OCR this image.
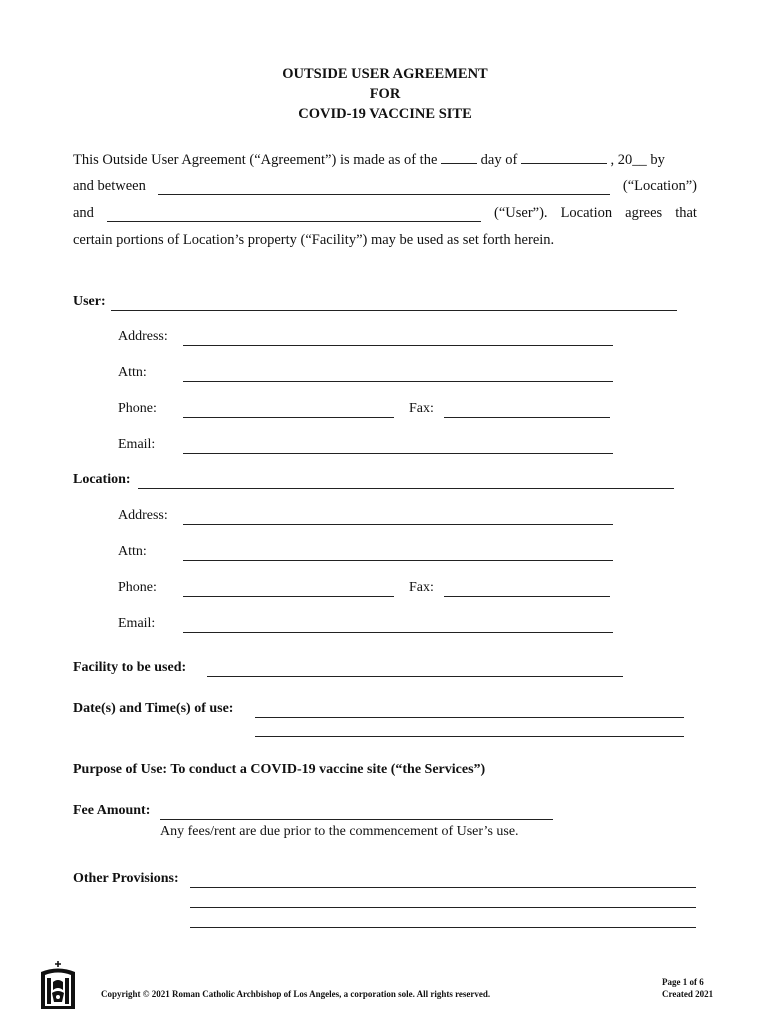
OUTSIDE USER AGREEMENT
FOR
COVID-19 VACCINE SITE
This Outside User Agreement (“Agreement”) is made as of the	day of	, 20__ by
and between	(“Location”)
and	(“User”). Location agrees that
certain portions of Location’s property (“Facility”) may be used as set forth herein.
User:
Address:
Attn:
Phone:	Fax:
Email:
Location:
Address:
Attn:
Phone:	Fax:
Email:
Facility to be used:
Date(s) and Time(s) of use:
Purpose of Use: To conduct a COVID-19 vaccine site (“the Services”)
Fee Amount:
Any fees/rent are due prior to the commencement of User’s use.
Other Provisions:
Copyright © 2021 Roman Catholic Archbishop of Los Angeles, a corporation sole. All rights reserved.
Page 1 of 6
Created 2021
